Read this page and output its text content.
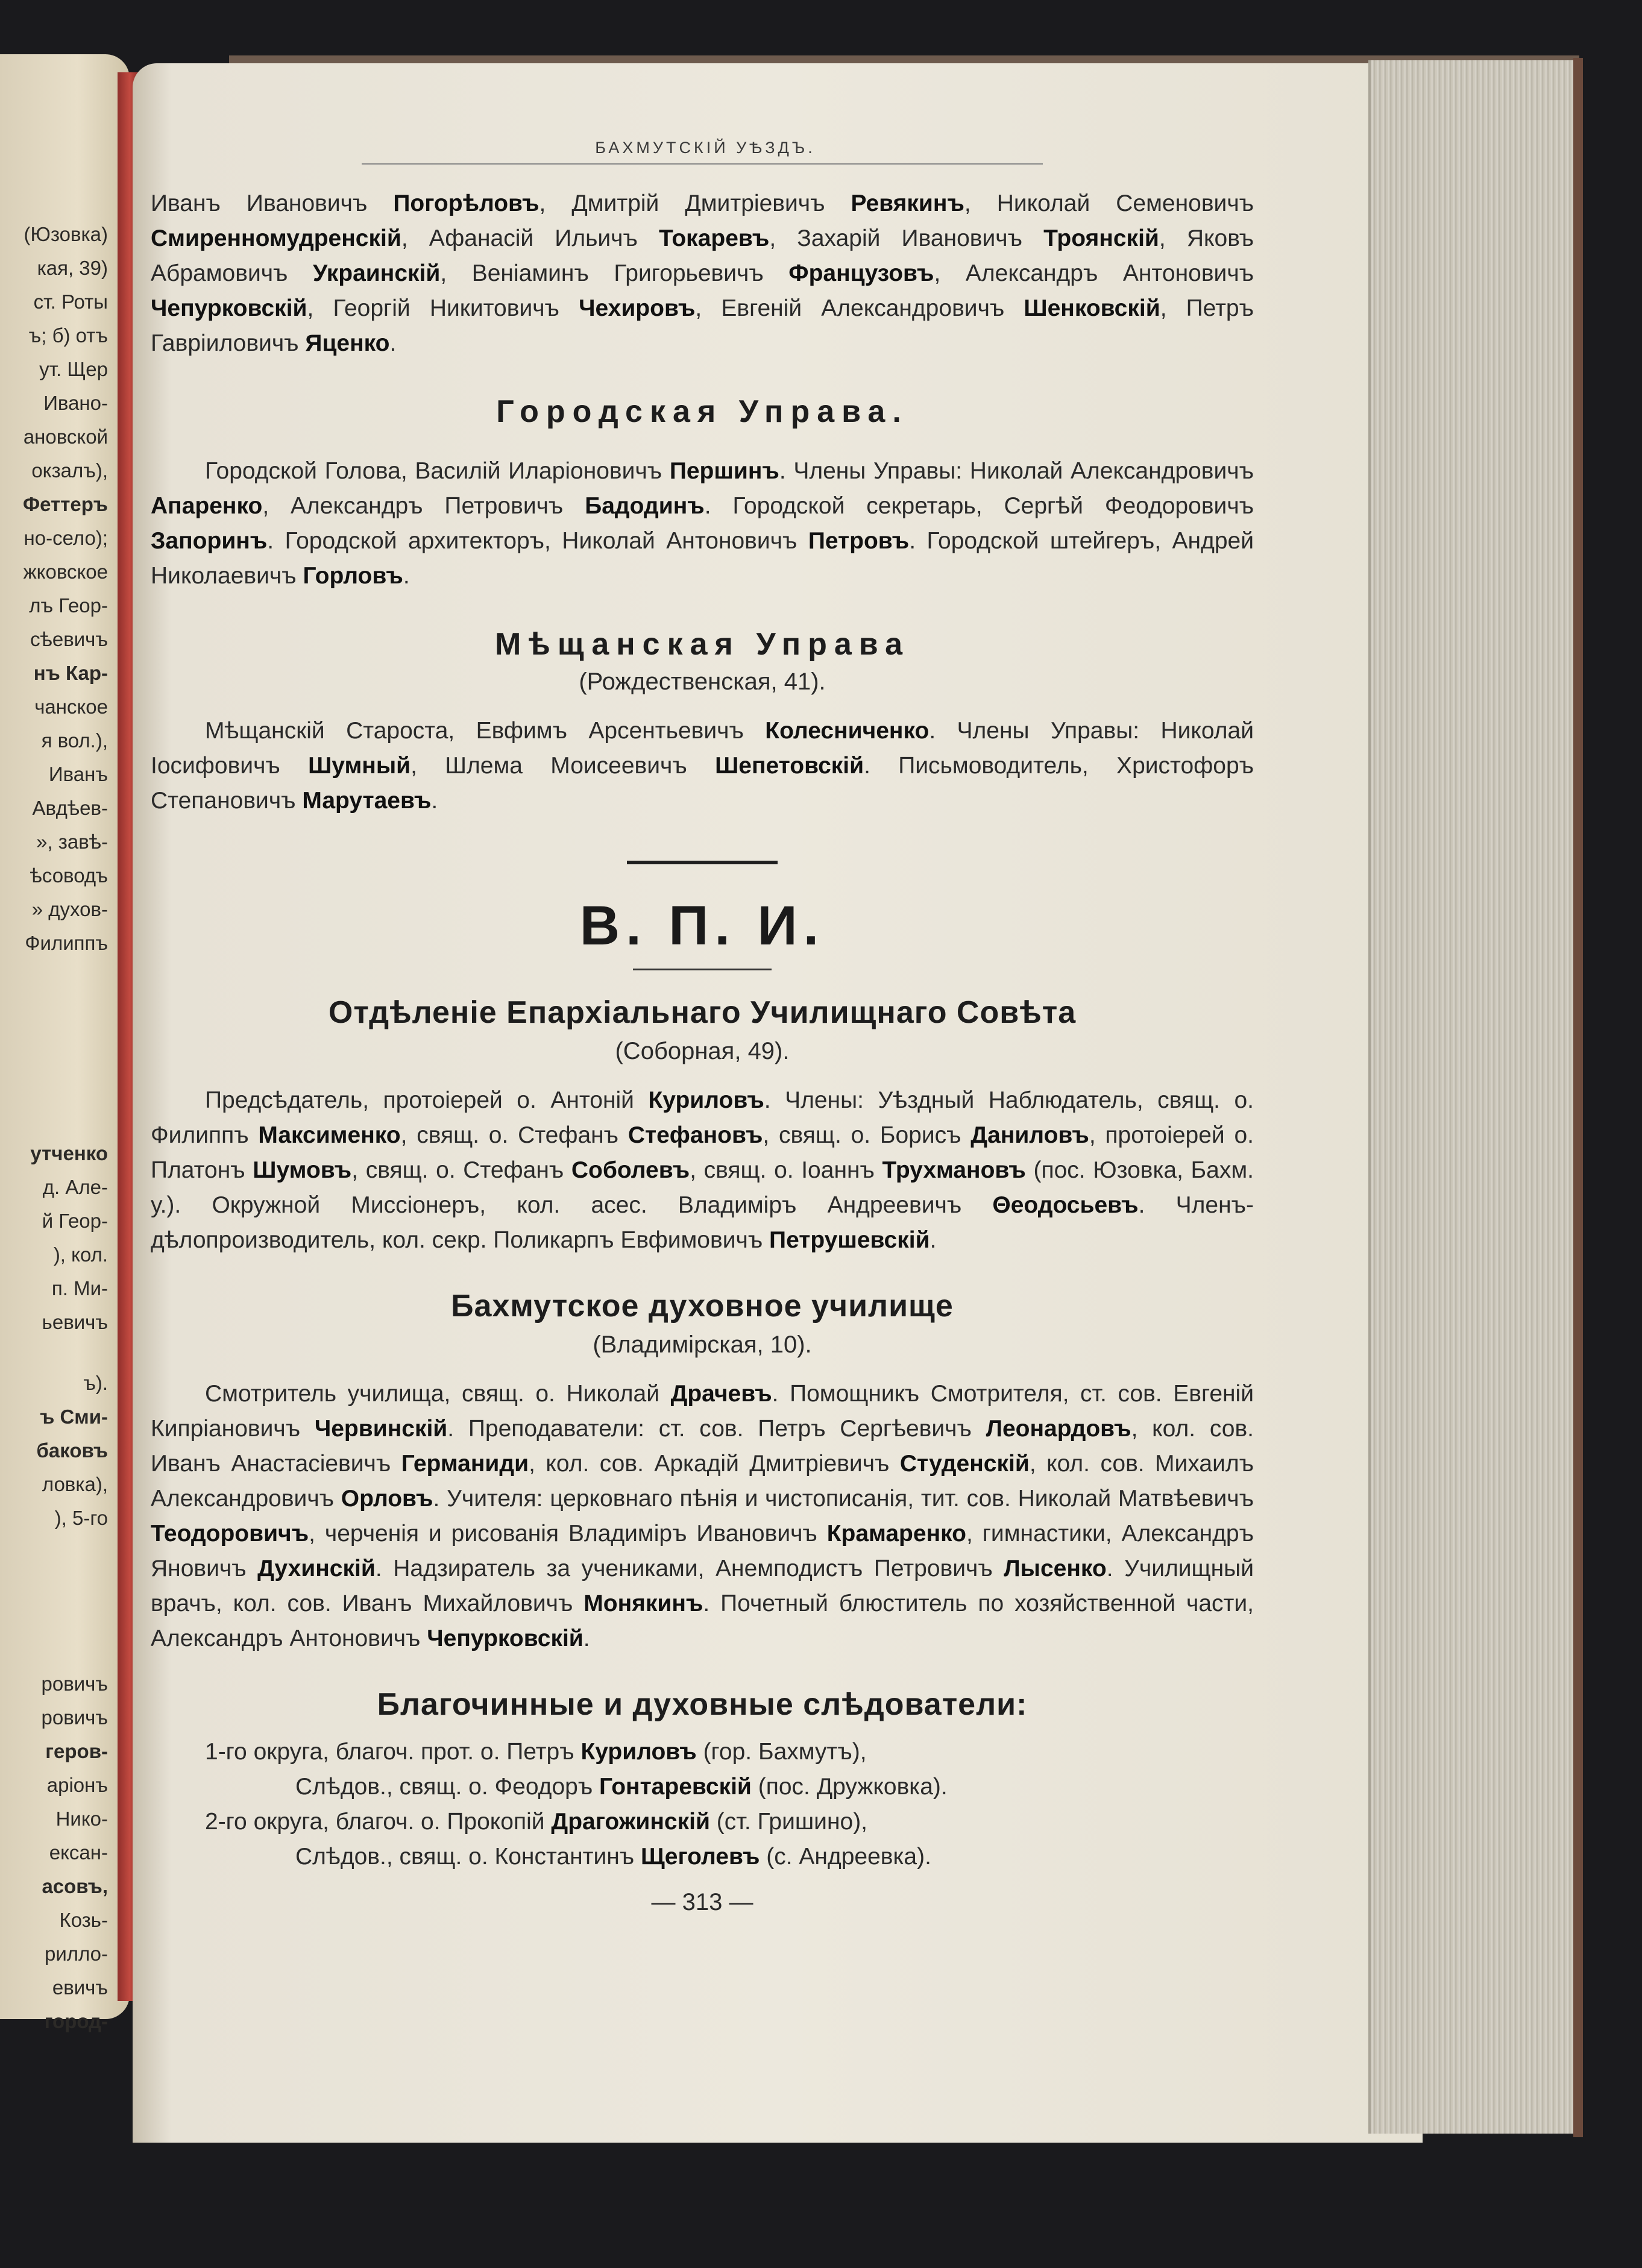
(Юзовка)
кая, 39)
ст. Роты
ъ; б) отъ
ут. Щер
Ивано-
ановской
окзалъ),
Феттеръ
но-село);
жковское
лъ Геор-
сѣевичъ
нъ Кар-
чанское
я вол.),
Иванъ
Авдѣев-
», завѣ-
ѣсоводъ
» духов-
Филиппъ
утченко
д. Але-
й Геор-
), кол.
п. Ми-
ьевичъ
ъ).
ъ Сми-
баковъ
ловка),
), 5-го
ровичъ
ровичъ
геров-
аріонъ
Нико-
ексан-
асовъ,
Козь-
рилло-
евичъ
город-
БАХМУТСКІЙ УѢЗДЪ.

Иванъ Ивановичъ Погорѣловъ, Дмитрій Дмитріевичъ Ревякинъ, Николай Семеновичъ Смиренномудренскій, Афанасій Ильичъ Токаревъ, Захарій Ивановичъ Троянскій, Яковъ Абрамовичъ Украинскій, Веніаминъ Григорьевичъ Французовъ, Александръ Антоновичъ Чепурковскій, Георгій Никитовичъ Чехировъ, Евгеній Александровичъ Шенковскій, Петръ Гавріиловичъ Яценко.

Городская Управа.

Городской Голова, Василій Иларіоновичъ Першинъ. Члены Управы: Николай Александровичъ Апаренко, Александръ Петровичъ Бадодинъ. Городской секретарь, Сергѣй Феодоровичъ Запоринъ. Городской архитекторъ, Николай Антоновичъ Петровъ. Городской штейгеръ, Андрей Николаевичъ Горловъ.

Мѣщанская Управа
(Рождественская, 41).

Мѣщанскій Староста, Евфимъ Арсентьевичъ Колесниченко. Члены Управы: Николай Іосифовичъ Шумный, Шлема Моисеевичъ Шепетовскій. Письмоводитель, Христофоръ Степановичъ Марутаевъ.

В. П. И.
Отдѣленіе Епархіальнаго Училищнаго Совѣта
(Соборная, 49).

Предсѣдатель, протоіерей о. Антоній Куриловъ. Члены: Уѣздный Наблюдатель, свящ. о. Филиппъ Максименко, свящ. о. Стефанъ Стефановъ, свящ. о. Борисъ Даниловъ, протоіерей о. Платонъ Шумовъ, свящ. о. Стефанъ Соболевъ, свящ. о. Іоаннъ Трухмановъ (пос. Юзовка, Бахм. у.). Окружной Миссіонеръ, кол. асес. Владиміръ Андреевичъ Θеодосьевъ. Членъ-дѣлопроизводитель, кол. секр. Поликарпъ Евфимовичъ Петрушевскій.

Бахмутское духовное училище
(Владимірская, 10).

Смотритель училища, свящ. о. Николай Драчевъ. Помощникъ Смотрителя, ст. сов. Евгеній Кипріановичъ Червинскій. Преподаватели: ст. сов. Петръ Сергѣевичъ Леонардовъ, кол. сов. Иванъ Анастасіевичъ Германиди, кол. сов. Аркадій Дмитріевичъ Студенскій, кол. сов. Михаилъ Александровичъ Орловъ. Учителя: церковнаго пѣнія и чистописанія, тит. сов. Николай Матвѣевичъ Теодоровичъ, черченія и рисованія Владиміръ Ивановичъ Крамаренко, гимнастики, Александръ Яновичъ Духинскій. Надзиратель за учениками, Анемподистъ Петровичъ Лысенко. Училищный врачъ, кол. сов. Иванъ Михайловичъ Монякинъ. Почетный блюститель по хозяйственной части, Александръ Антоновичъ Чепурковскій.

Благочинные и духовные слѣдователи:
1-го округа, благоч. прот. о. Петръ Куриловъ (гор. Бахмутъ),
Слѣдов., свящ. о. Феодоръ Гонтаревскій (пос. Дружковка).
2-го округа, благоч. о. Прокопій Драгожинскій (ст. Гришино),
Слѣдов., свящ. о. Константинъ Щеголевъ (с. Андреевка).
— 313 —
